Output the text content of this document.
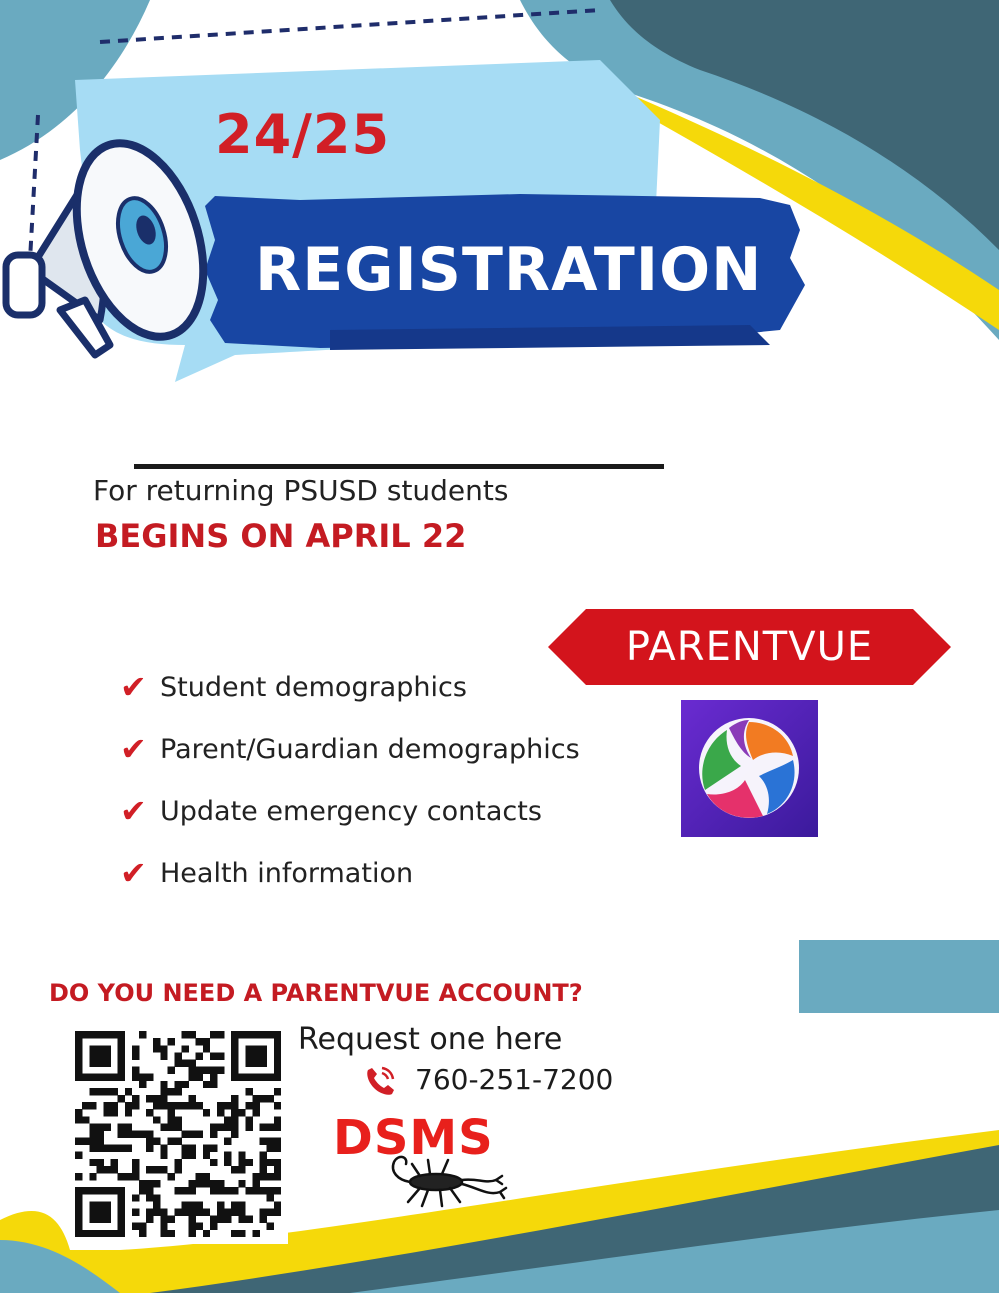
24/25
REGISTRATION
For returning PSUSD students
BEGINS ON APRIL 22
✔ Student demographics
✔ Parent/Guardian demographics
✔ Update emergency contacts
✔ Health information
PARENTVUE
DO YOU NEED A PARENTVUE ACCOUNT?
Request one here
760-251-7200
DSMS
